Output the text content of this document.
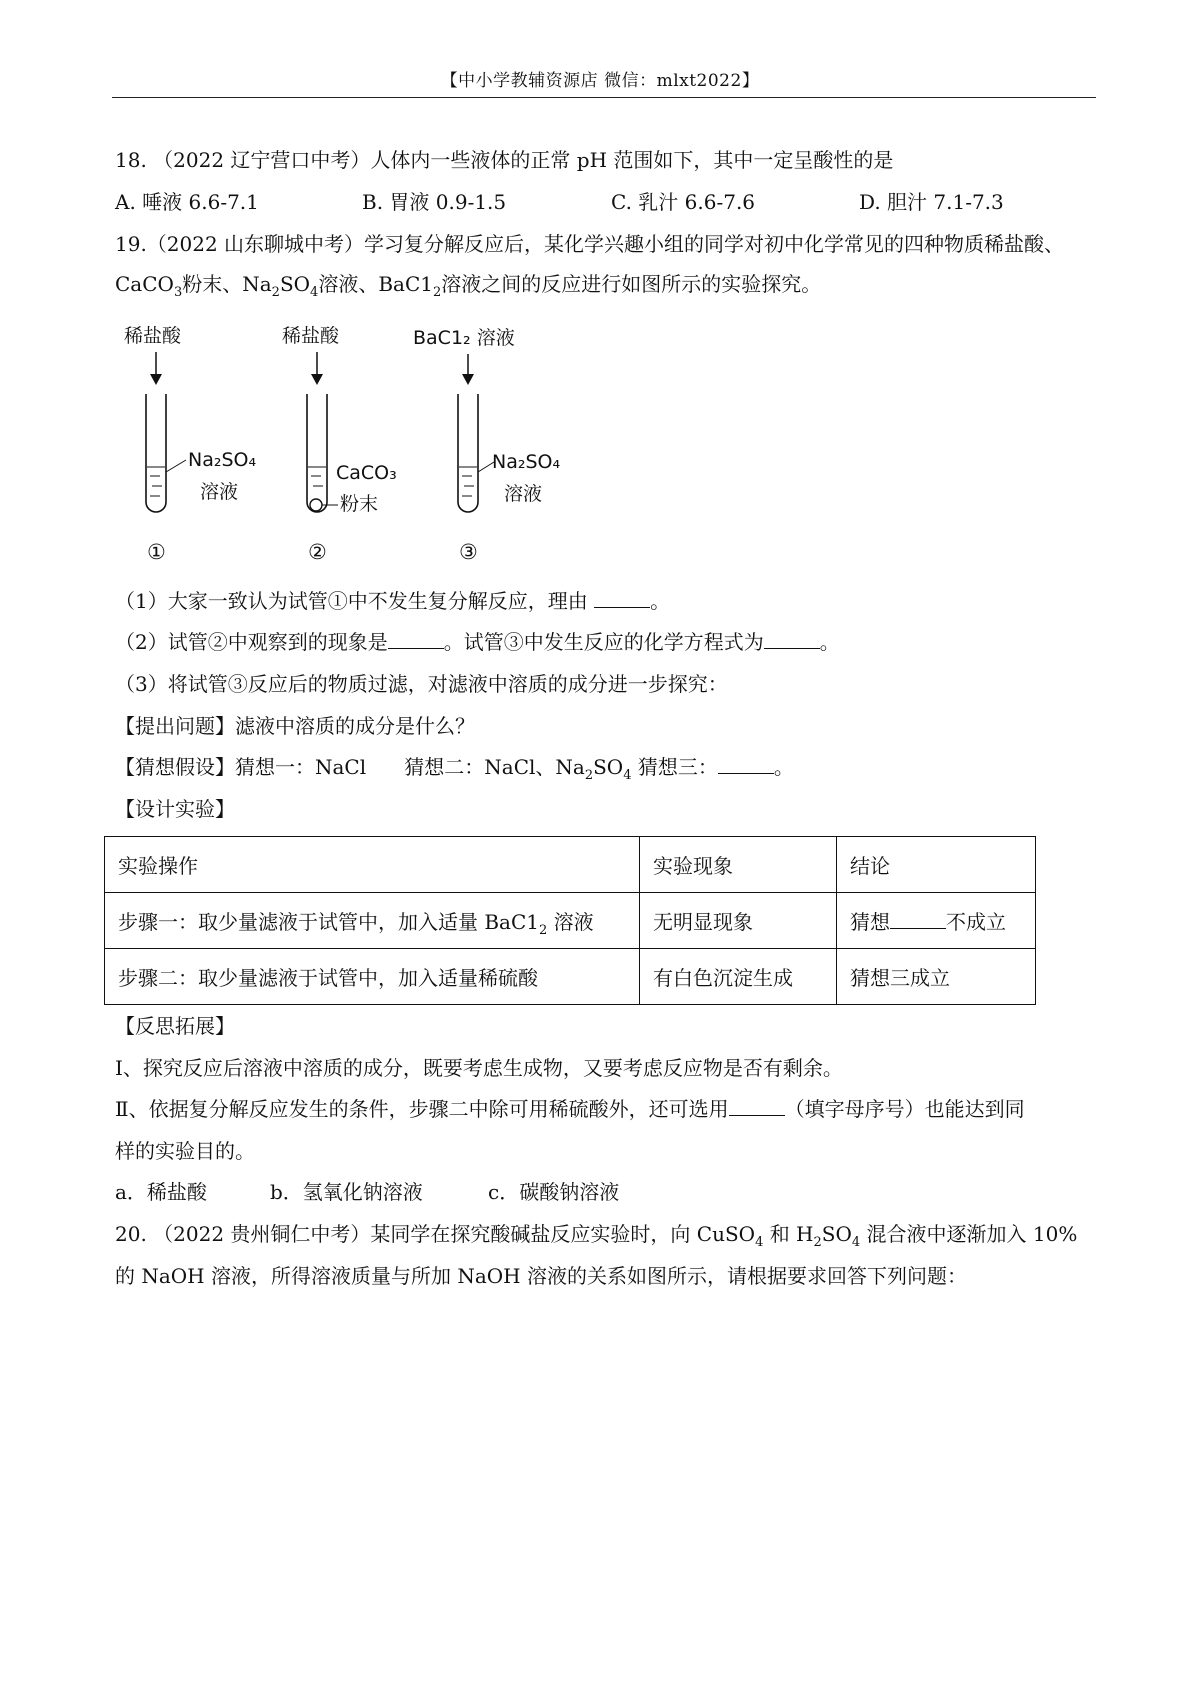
【中小学教辅资源店 微信：mlxt2022】
18. （2022 辽宁营口中考）人体内一些液体的正常 pH 范围如下，其中一定呈酸性的是
A. 唾液 6.6-7.1	B. 胃液 0.9-1.5	C. 乳汁 6.6-7.6	D. 胆汁 7.1-7.3
19.（2022 山东聊城中考）学习复分解反应后，某化学兴趣小组的同学对初中化学常见的四种物质稀盐酸、
CaCO$_3$粉末、$Na_2SO_4$溶液、$BaC1_2$溶液之间的反应进行如图所示的实验探究。
稀盐酸
Na₂SO₄
溶液
①
稀盐酸
CaCO₃
粉末
②
BaC1₂ 溶液
Na₂SO₄
溶液
③
（1）大家一致认为试管①中不发生复分解反应，理由	。
（2）试管②中观察到的现象是	。试管③中发生反应的化学方程式为	。
（3）将试管③反应后的物质过滤，对滤液中溶质的成分进一步探究：
【提出问题】滤液中溶质的成分是什么？
【猜想假设】猜想一：NaCl      猜想二：NaCl、$Na_2SO_4$ 猜想三：	。
【设计实验】
实验操作	实验现象	结论
步骤一：取少量滤液于试管中，加入适量 $BaC1_2$ 溶液	无明显现象	猜想 不成立
步骤二：取少量滤液于试管中，加入适量稀硫酸	有白色沉淀生成	猜想三成立
【反思拓展】
I、探究反应后溶液中溶质的成分，既要考虑生成物，又要考虑反应物是否有剩余。
Ⅱ、依据复分解反应发生的条件，步骤二中除可用稀硫酸外，还可选用	（填字母序号）也能达到同
样的实验目的。
a．稀盐酸	b．氢氧化钠溶液	c．碳酸钠溶液
20. （2022 贵州铜仁中考）某同学在探究酸碱盐反应实验时，向 CuSO$_4$ 和 $H_2SO_4$ 混合液中逐渐加入 10%
的 NaOH 溶液，所得溶液质量与所加 NaOH 溶液的关系如图所示，请根据要求回答下列问题：
